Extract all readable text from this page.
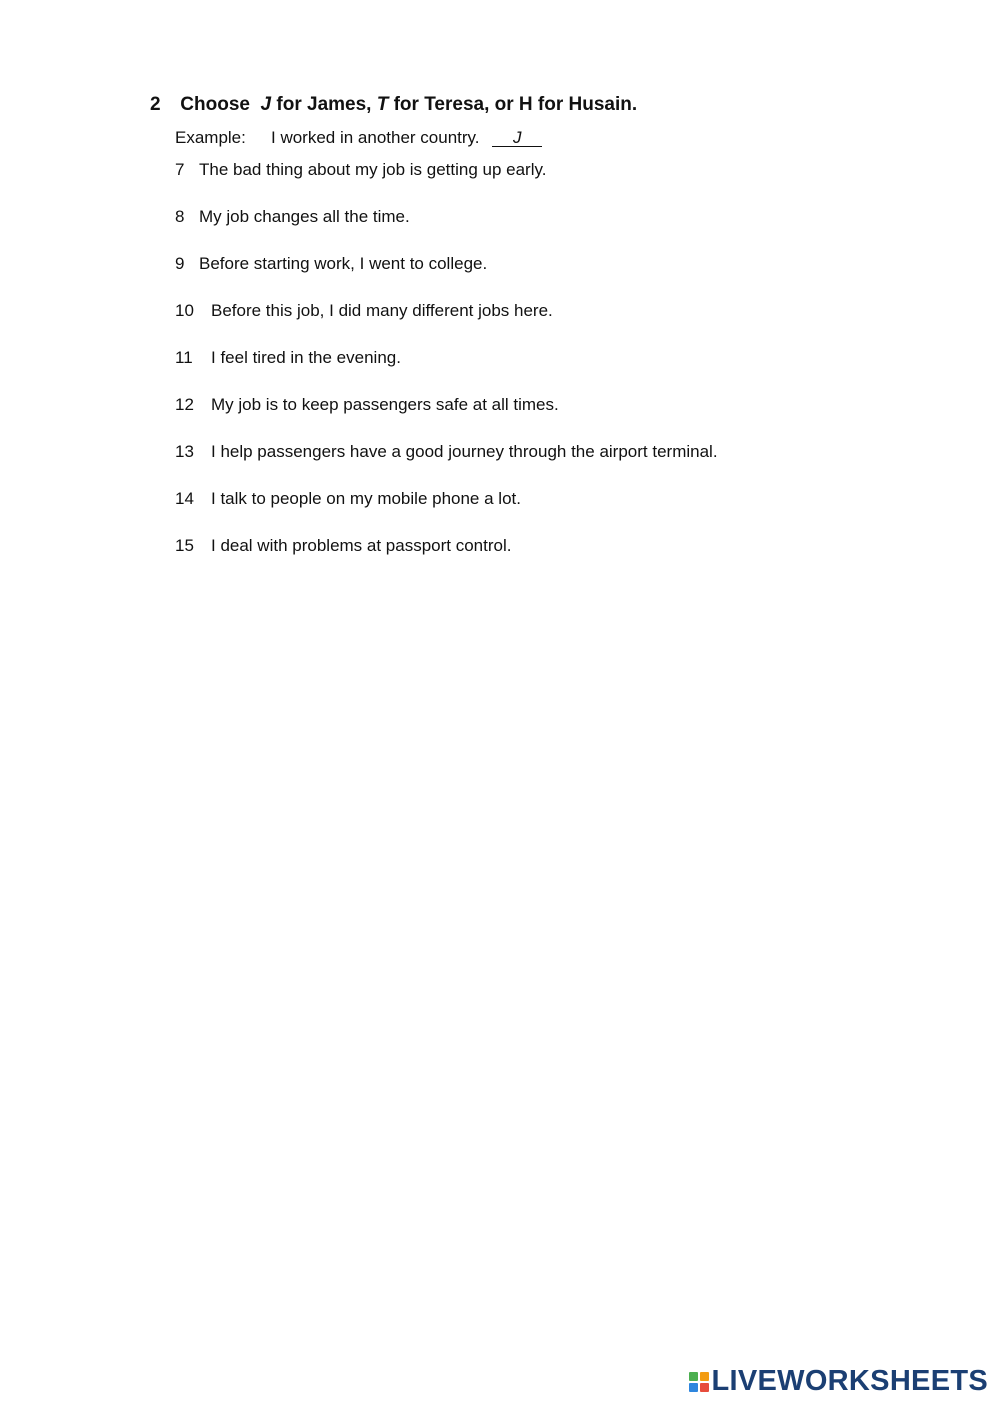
2 Choose J for James, T for Teresa, or H for Husain.
Example: I worked in another country. J
7 The bad thing about my job is getting up early.
8 My job changes all the time.
9 Before starting work, I went to college.
10 Before this job, I did many different jobs here.
11 I feel tired in the evening.
12 My job is to keep passengers safe at all times.
13 I help passengers have a good journey through the airport terminal.
14 I talk to people on my mobile phone a lot.
15 I deal with problems at passport control.
LIVEWORKSHEETS
